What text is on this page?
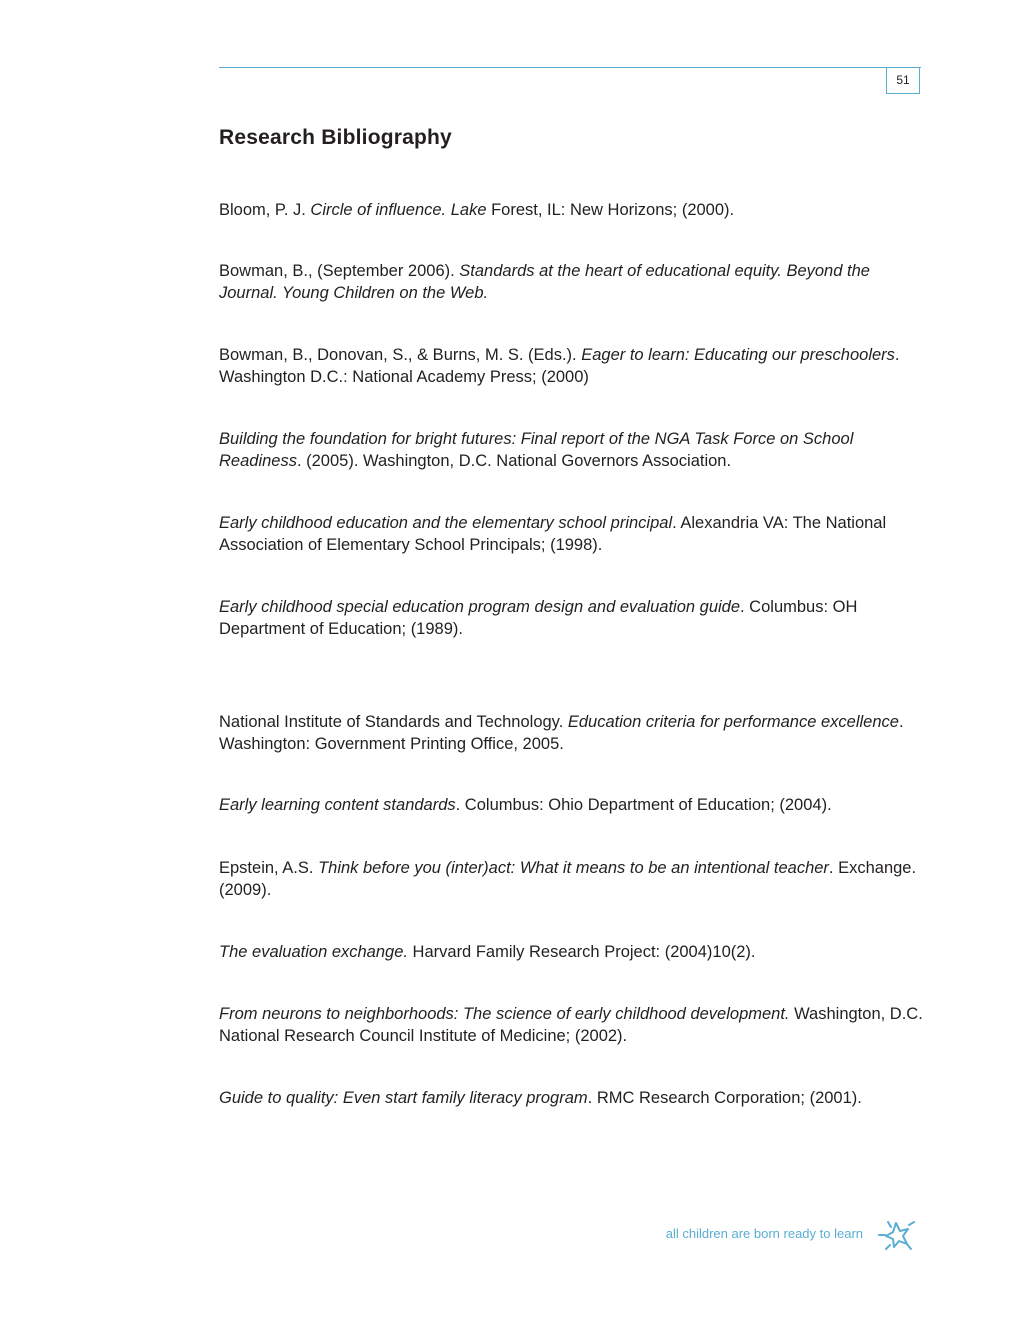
51
Research Bibliography

Bloom, P. J. Circle of influence. Lake Forest, IL: New Horizons; (2000).

Bowman, B., (September 2006). Standards at the heart of educational equity. Beyond the Journal. Young Children on the Web.

Bowman, B., Donovan, S., & Burns, M. S. (Eds.). Eager to learn: Educating our preschoolers. Washington D.C.: National Academy Press; (2000)

Building the foundation for bright futures: Final report of the NGA Task Force on School Readiness. (2005). Washington, D.C. National Governors Association.

Early childhood education and the elementary school principal. Alexandria VA: The National Association of Elementary School Principals; (1998).

Early childhood special education program design and evaluation guide. Columbus: OH Department of Education; (1989).

National Institute of Standards and Technology. Education criteria for performance excellence. Washington: Government Printing Office, 2005.

Early learning content standards. Columbus: Ohio Department of Education; (2004).

Epstein, A.S. Think before you (inter)act: What it means to be an intentional teacher. Exchange. (2009).

The evaluation exchange. Harvard Family Research Project: (2004)10(2).

From neurons to neighborhoods: The science of early childhood development. Washington, D.C. National Research Council Institute of Medicine; (2002).

Guide to quality: Even start family literacy program. RMC Research Corporation; (2001).

all children are born ready to learn
